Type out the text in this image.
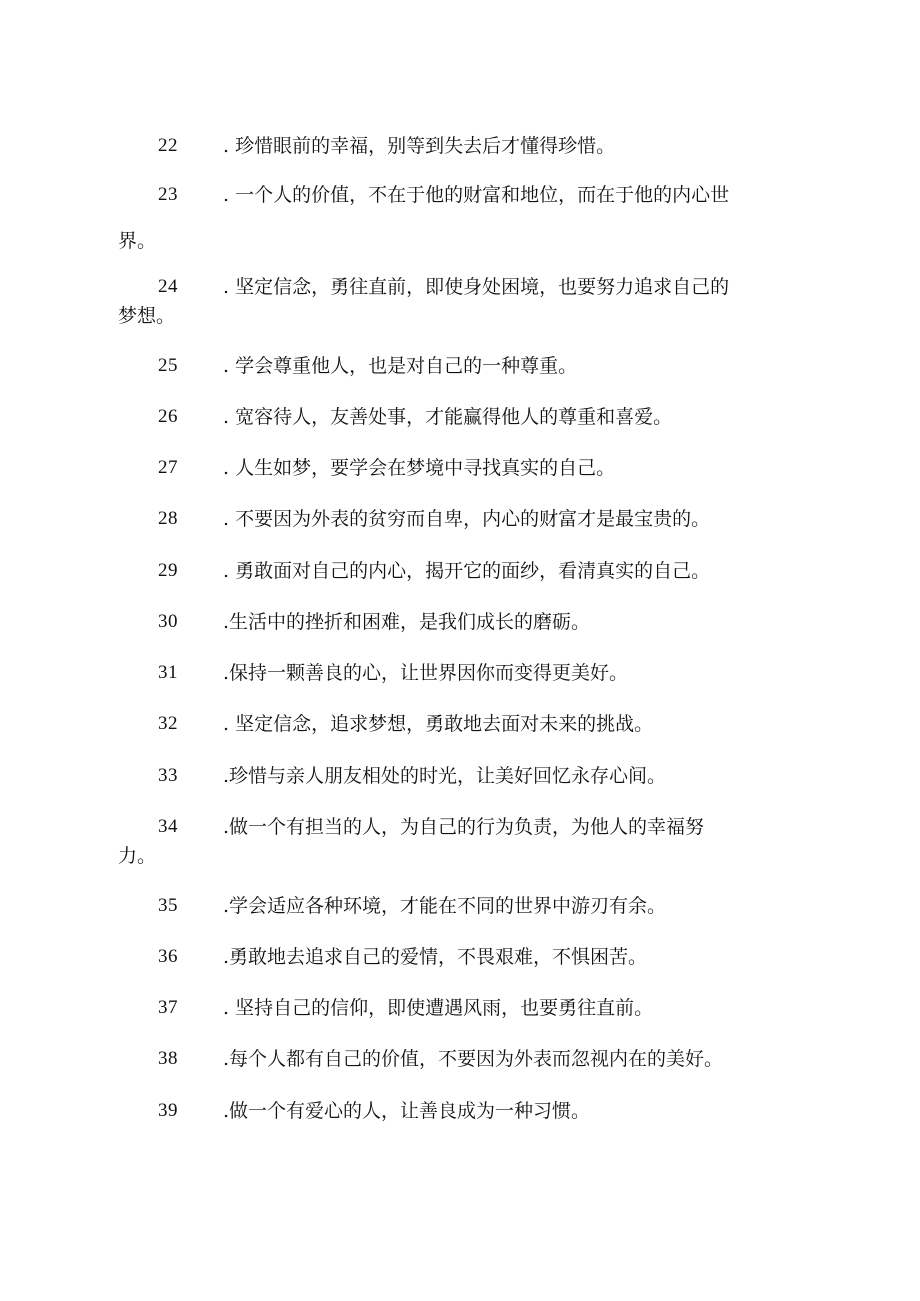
22	. 珍惜眼前的幸福，别等到失去后才懂得珍惜。
23	. 一个人的价值，不在于他的财富和地位，而在于他的内心世
界。
24	. 坚定信念，勇往直前，即使身处困境，也要努力追求自己的
梦想。
25	. 学会尊重他人，也是对自己的一种尊重。
26	. 宽容待人，友善处事，才能赢得他人的尊重和喜爱。
27	. 人生如梦，要学会在梦境中寻找真实的自己。
28	. 不要因为外表的贫穷而自卑，内心的财富才是最宝贵的。
29	. 勇敢面对自己的内心，揭开它的面纱，看清真实的自己。
30	.生活中的挫折和困难，是我们成长的磨砺。
31	.保持一颗善良的心，让世界因你而变得更美好。
32	. 坚定信念，追求梦想，勇敢地去面对未来的挑战。
33	.珍惜与亲人朋友相处的时光，让美好回忆永存心间。
34	.做一个有担当的人，为自己的行为负责，为他人的幸福努
力。
35	.学会适应各种环境，才能在不同的世界中游刃有余。
36	.勇敢地去追求自己的爱情，不畏艰难，不惧困苦。
37	. 坚持自己的信仰，即使遭遇风雨，也要勇往直前。
38	.每个人都有自己的价值，不要因为外表而忽视内在的美好。
39	.做一个有爱心的人，让善良成为一种习惯。
